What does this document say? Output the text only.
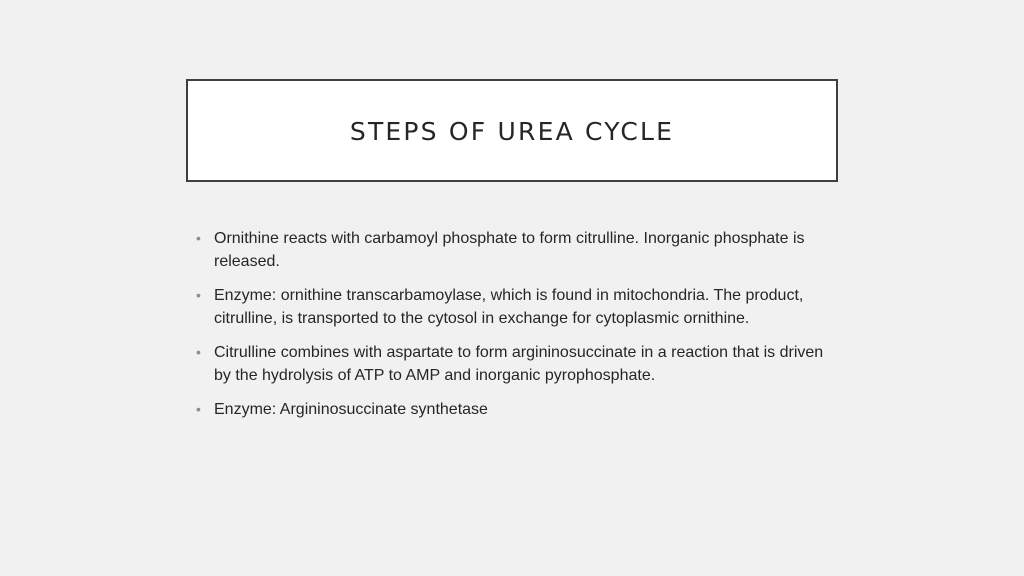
STEPS OF UREA CYCLE
• Ornithine reacts with carbamoyl phosphate to form citrulline. Inorganic phosphate is released.
• Enzyme: ornithine transcarbamoylase, which is found in mitochondria. The product, citrulline, is transported to the cytosol in exchange for cytoplasmic ornithine.
• Citrulline combines with aspartate to form argininosuccinate in a reaction that is driven by the hydrolysis of ATP to AMP and inorganic pyrophosphate.
• Enzyme: Argininosuccinate synthetase
